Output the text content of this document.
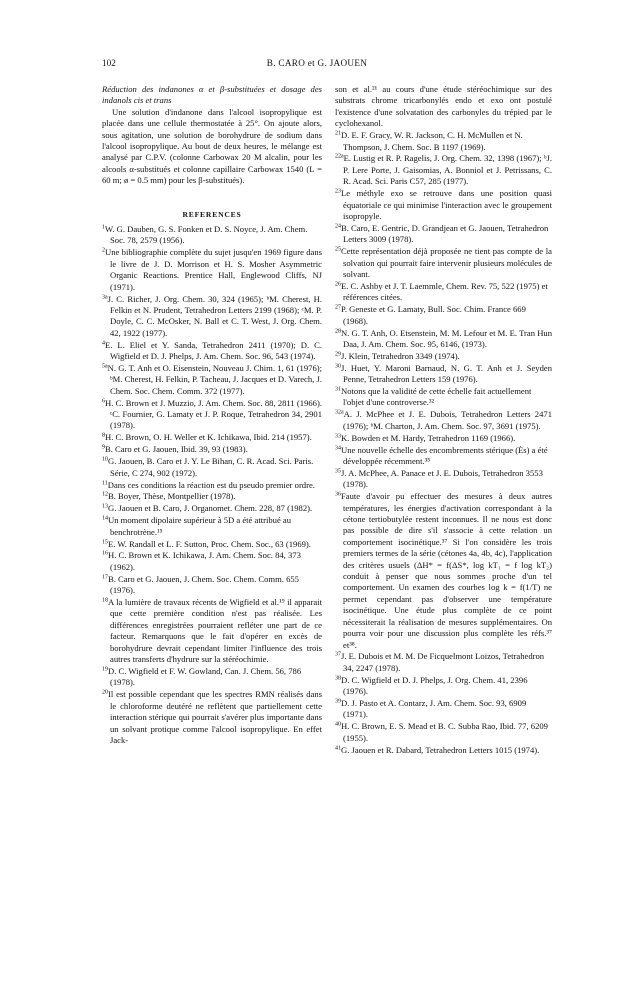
102	B. CARO et G. JAOUEN

Réduction des indanones α et β-substituées et dosage des indanols cis et trans

Une solution d'indanone dans l'alcool isopropylique est placée dans une cellule thermostatée à 25°. On ajoute alors, sous agitation, une solution de borohydrure de sodium dans l'alcool isopropylique. Au bout de deux heures, le mélange est analysé par C.P.V. (colonne Carbowax 20 M alcalin, pour les alcools α-substitués et colonne capillaire Carbowax 1540 (L = 60 m; ø = 0.5 mm) pour les β-substitués).

REFERENCES

$^1$W. G. Dauben, G. S. Fonken et D. S. Noyce, J. Am. Chem. Soc. 78, 2579 (1956).

$^2$Une bibliographie complète du sujet jusqu'en 1969 figure dans le livre de J. D. Morrison et H. S. Mosher Asymmetric Organic Reactions. Prentice Hall, Englewood Cliffs, NJ (1971).

$^{3a}$J. C. Richer, J. Org. Chem. 30, 324 (1965); ᵇM. Cherest, H. Felkin et N. Prudent, Tetrahedron Letters 2199 (1968); ᶜM. P. Doyle, C. C. McOsker, N. Ball et C. T. West, J. Org. Chem. 42, 1922 (1977).

$^4$E. L. Eliel et Y. Sanda, Tetrahedron 2411 (1970); D. C. Wigfield et D. J. Phelps, J. Am. Chem. Soc. 96, 543 (1974).

$^{5a}$N. G. T. Anh et O. Eisenstein, Nouveau J. Chim. 1, 61 (1976); ᵇM. Cherest, H. Felkin, P. Tacheau, J. Jacques et D. Varech, J. Chem. Soc. Chem. Comm. 372 (1977).

$^6$H. C. Brown et J. Muzzio, J. Am. Chem. Soc. 88, 2811 (1966). ᶜC. Fournier, G. Lamaty et J. P. Roque, Tetrahedron 34, 2901 (1978).

$^8$H. C. Brown, O. H. Weller et K. Ichikawa, Ibid. 214 (1957).

$^9$B. Caro et G. Jaouen, Ibid. 39, 93 (1983).

$^{10}$G. Jaouen, B. Caro et J. Y. Le Bihan, C. R. Acad. Sci. Paris. Série, C 274, 902 (1972).

$^{11}$Dans ces conditions la réaction est du pseudo premier ordre.

$^{12}$B. Boyer, Thèse, Montpellier (1978).

$^{13}$G. Jaouen et B. Caro, J. Organomet. Chem. 228, 87 (1982).

$^{14}$Un moment dipolaire supérieur à 5D a été attribué au benchrotrène.¹⁵

$^{15}$E. W. Randall et L. F. Sutton, Proc. Chem. Soc., 63 (1969).

$^{16}$H. C. Brown et K. Ichikawa, J. Am. Chem. Soc. 84, 373 (1962).

$^{17}$B. Caro et G. Jaouen, J. Chem. Soc. Chem. Comm. 655 (1976).

$^{18}$A la lumière de travaux récents de Wigfield et al.¹⁹ il apparait que cette première condition n'est pas réalisée. Les différences enregistrées pourraient refléter une part de ce facteur. Remarquons que le fait d'opérer en excès de borohydrure devrait cependant limiter l'influence des trois autres transferts d'hydrure sur la stéréochimie.

$^{19}$D. C. Wigfield et F. W. Gowland, Can. J. Chem. 56, 786 (1978).

$^{20}$Il est possible cependant que les spectres RMN réalisés dans le chloroforme deutéré ne reflètent que partiellement cette interaction stérique qui pourrait s'avérer plus importante dans un solvant protique comme l'alcool isopropylique. En effet Jack-

son et al.²¹ au cours d'une étude stéréochimique sur des substrats chrome tricarbonylés endo et exo ont postulé l'existence d'une solvatation des carbonyles du trépied par le cyclohexanol.

$^{21}$D. E. F. Gracy, W. R. Jackson, C. H. McMullen et N. Thompson, J. Chem. Soc. B 1197 (1969).

$^{22a}$E. Lustig et R. P. Ragelis, J. Org. Chem. 32, 1398 (1967); ᵇJ. P. Lere Porte, J. Gaisomias, A. Bonniol et J. Petrissans, C. R. Acad. Sci. Paris C57, 285 (1977).

$^{23}$Le méthyle exo se retrouve dans une position quasi équatoriale ce qui minimise l'interaction avec le groupement isopropyle.

$^{24}$B. Caro, E. Gentric, D. Grandjean et G. Jaouen, Tetrahedron Letters 3009 (1978).

$^{25}$Cette représentation déjà proposée ne tient pas compte de la solvation qui pourrait faire intervenir plusieurs molécules de solvant.

$^{26}$E. C. Ashby et J. T. Laemmle, Chem. Rev. 75, 522 (1975) et références citées.

$^{27}$P. Geneste et G. Lamaty, Bull. Soc. Chim. France 669 (1968).

$^{28}$N. G. T. Anh, O. Etsenstein, M. M. Lefour et M. E. Tran Hun Daa, J. Am. Chem. Soc. 95, 6146, (1973).

$^{29}$J. Klein, Tetrahedron 3349 (1974).

$^{30}$J. Huet, Y. Maroni Barnaud, N. G. T. Anh et J. Seyden Penne, Tetrahedron Letters 159 (1976).

$^{31}$Notons que la validité de cette échelle fait actuellement l'objet d'une controverse.³²

$^{32a}$A. J. McPhee et J. E. Dubois, Tetrahedron Letters 2471 (1976); ᵇM. Charton, J. Am. Chem. Soc. 97, 3691 (1975).

$^{33}$K. Bowden et M. Hardy, Tetrahedron 1169 (1966).

$^{34}$Une nouvelle échelle des encombrements stérique (Ės) a été développée récemment.³⁵

$^{35}$J. A. McPhee, A. Panace et J. E. Dubois, Tetrahedron 3553 (1978).

$^{36}$Faute d'avoir pu effectuer des mesures à deux autres températures, les énergies d'activation correspondant à la cétone tertiobutylée restent inconnues. Il ne nous est donc pas possible de dire s'il s'associe à cette relation un comportement isocinétique.³⁷ Si l'on considère les trois premiers termes de la série (cétones 4a, 4b, 4c), l'application des critères usuels (ΔH* = f(ΔS*, log kT₁ = f log kT₂) conduit à penser que nous sommes proche d'un tel comportement. Un examen des courbes log k = f(1/T) ne permet cependant pas d'observer une température isocinétique. Une étude plus complète de ce point nécessiterait la réalisation de mesures supplémentaires. On pourra voir pour une discussion plus complète les réfs.³⁷ et³⁸.

$^{37}$J. E. Dubois et M. M. De Ficquelmont Loizos, Tetrahedron 34, 2247 (1978).

$^{38}$D. C. Wigfield et D. J. Phelps, J. Org. Chem. 41, 2396 (1976).

$^{39}$D. J. Pasto et A. Contarz, J. Am. Chem. Soc. 93, 6909 (1971).

$^{40}$H. C. Brown, E. S. Mead et B. C. Subba Rao, Ibid. 77, 6209 (1955).

$^{41}$G. Jaouen et R. Dabard, Tetrahedron Letters 1015 (1974).
